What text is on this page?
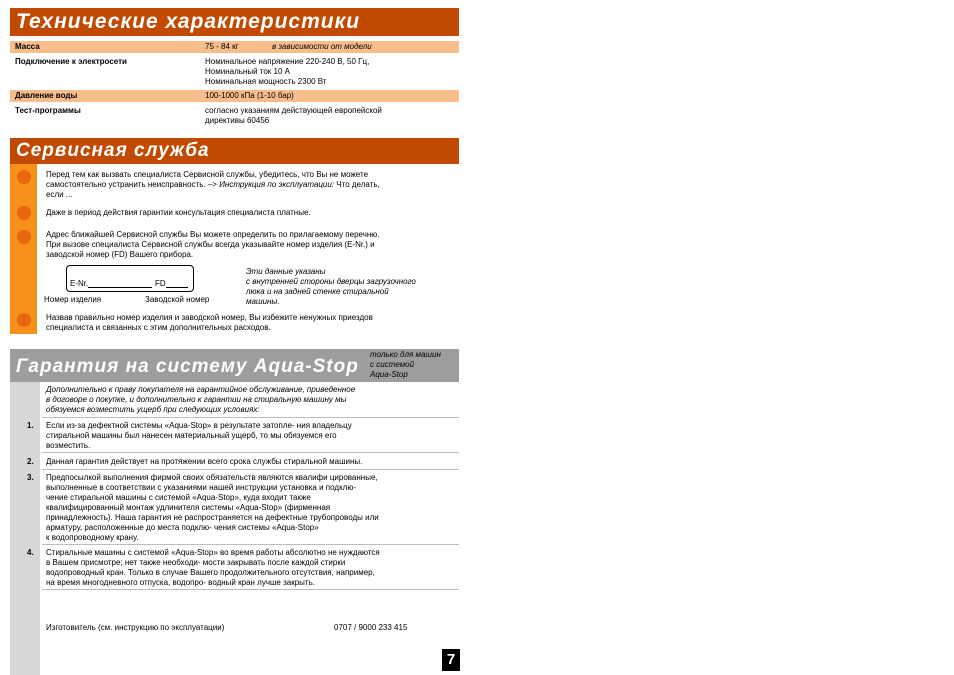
Технические характеристики
Масса	75 - 84 кг	в зависимости от модели
Подключение к электросети	Номинальное напряжение 220-240 В, 50 Гц,
Номинальный ток 10 А
Номинальная мощность 2300 Вт
Давление воды	100-1000 кПа (1-10 бар)
Тест-программы	согласно указаниям действующей европейской
директивы 60456
Сервисная служба
Перед тем как вызвать специалиста Сервисной службы, убедитесь, что Вы не можете
самостоятельно устранить неисправность. –> Инструкция по эксплуатации: Что делать,
если ...
Даже в период действия гарантии консультация специалиста платные.
Адрес ближайшей Сервисной службы Вы можете определить по прилагаемому перечню.
При вызове специалиста Сервисной службы всегда указывайте номер изделия (E-Nr.) и
заводской номер (FD) Вашего прибора.
E-Nr.	FD
Номер изделия	Заводской номер
Эти данные указаны
с внутренней стороны дверцы загрузочного
люка и на задней стенке стиральной
машины.
Назвав правильно номер изделия и заводской номер, Вы избежите ненужных приездов
специалиста и связанных с этим дополнительных расходов.
Гарантия на систему Aqua-Stop
только для машин
с системой
Aqua-Stop
Дополнительно к праву покупателя на гарантийное обслуживание, приведенное
в договоре о покупке, и дополнительно к гарантии на стиральную машину мы
обязуемся возместить ущерб при следующих условиях:
1. Если из-за дефектной системы «Aqua-Stop» в результате затопле- ния владельцу
стиральной машины был нанесен материальный ущерб, то мы обязуемся его
возместить.
2. Данная гарантия действует на протяжении всего срока службы стиральной машины.
3. Предпосылкой выполнения фирмой своих обязательств являются квалифи цированные,
выполненные в соответствии с указаниями нашей инструкции установка и подклю-
чение стиральной машины с системой «Aqua-Stop», куда входит также
квалифицированный монтаж удлинителя системы «Aqua-Stop» (фирменная
принадлежность). Наша гарантия не распространяется на дефектные трубопроводы или
арматуру, расположенные до места подклю- чения системы «Aqua-Stop»
к водопроводному крану.
4. Стиральные машины с системой «Aqua-Stop» во время работы абсолютно не нуждаются
в Вашем присмотре; нет также необходи- мости закрывать после каждой стирки
водопроводный кран. Только в случае Вашего продолжительного отсутствия, например,
на время многодневного отпуска, водопро- водный кран лучше закрыть.
Изготовитель (см. инструкцию по эксплуатации)	0707 / 9000 233 415
7
